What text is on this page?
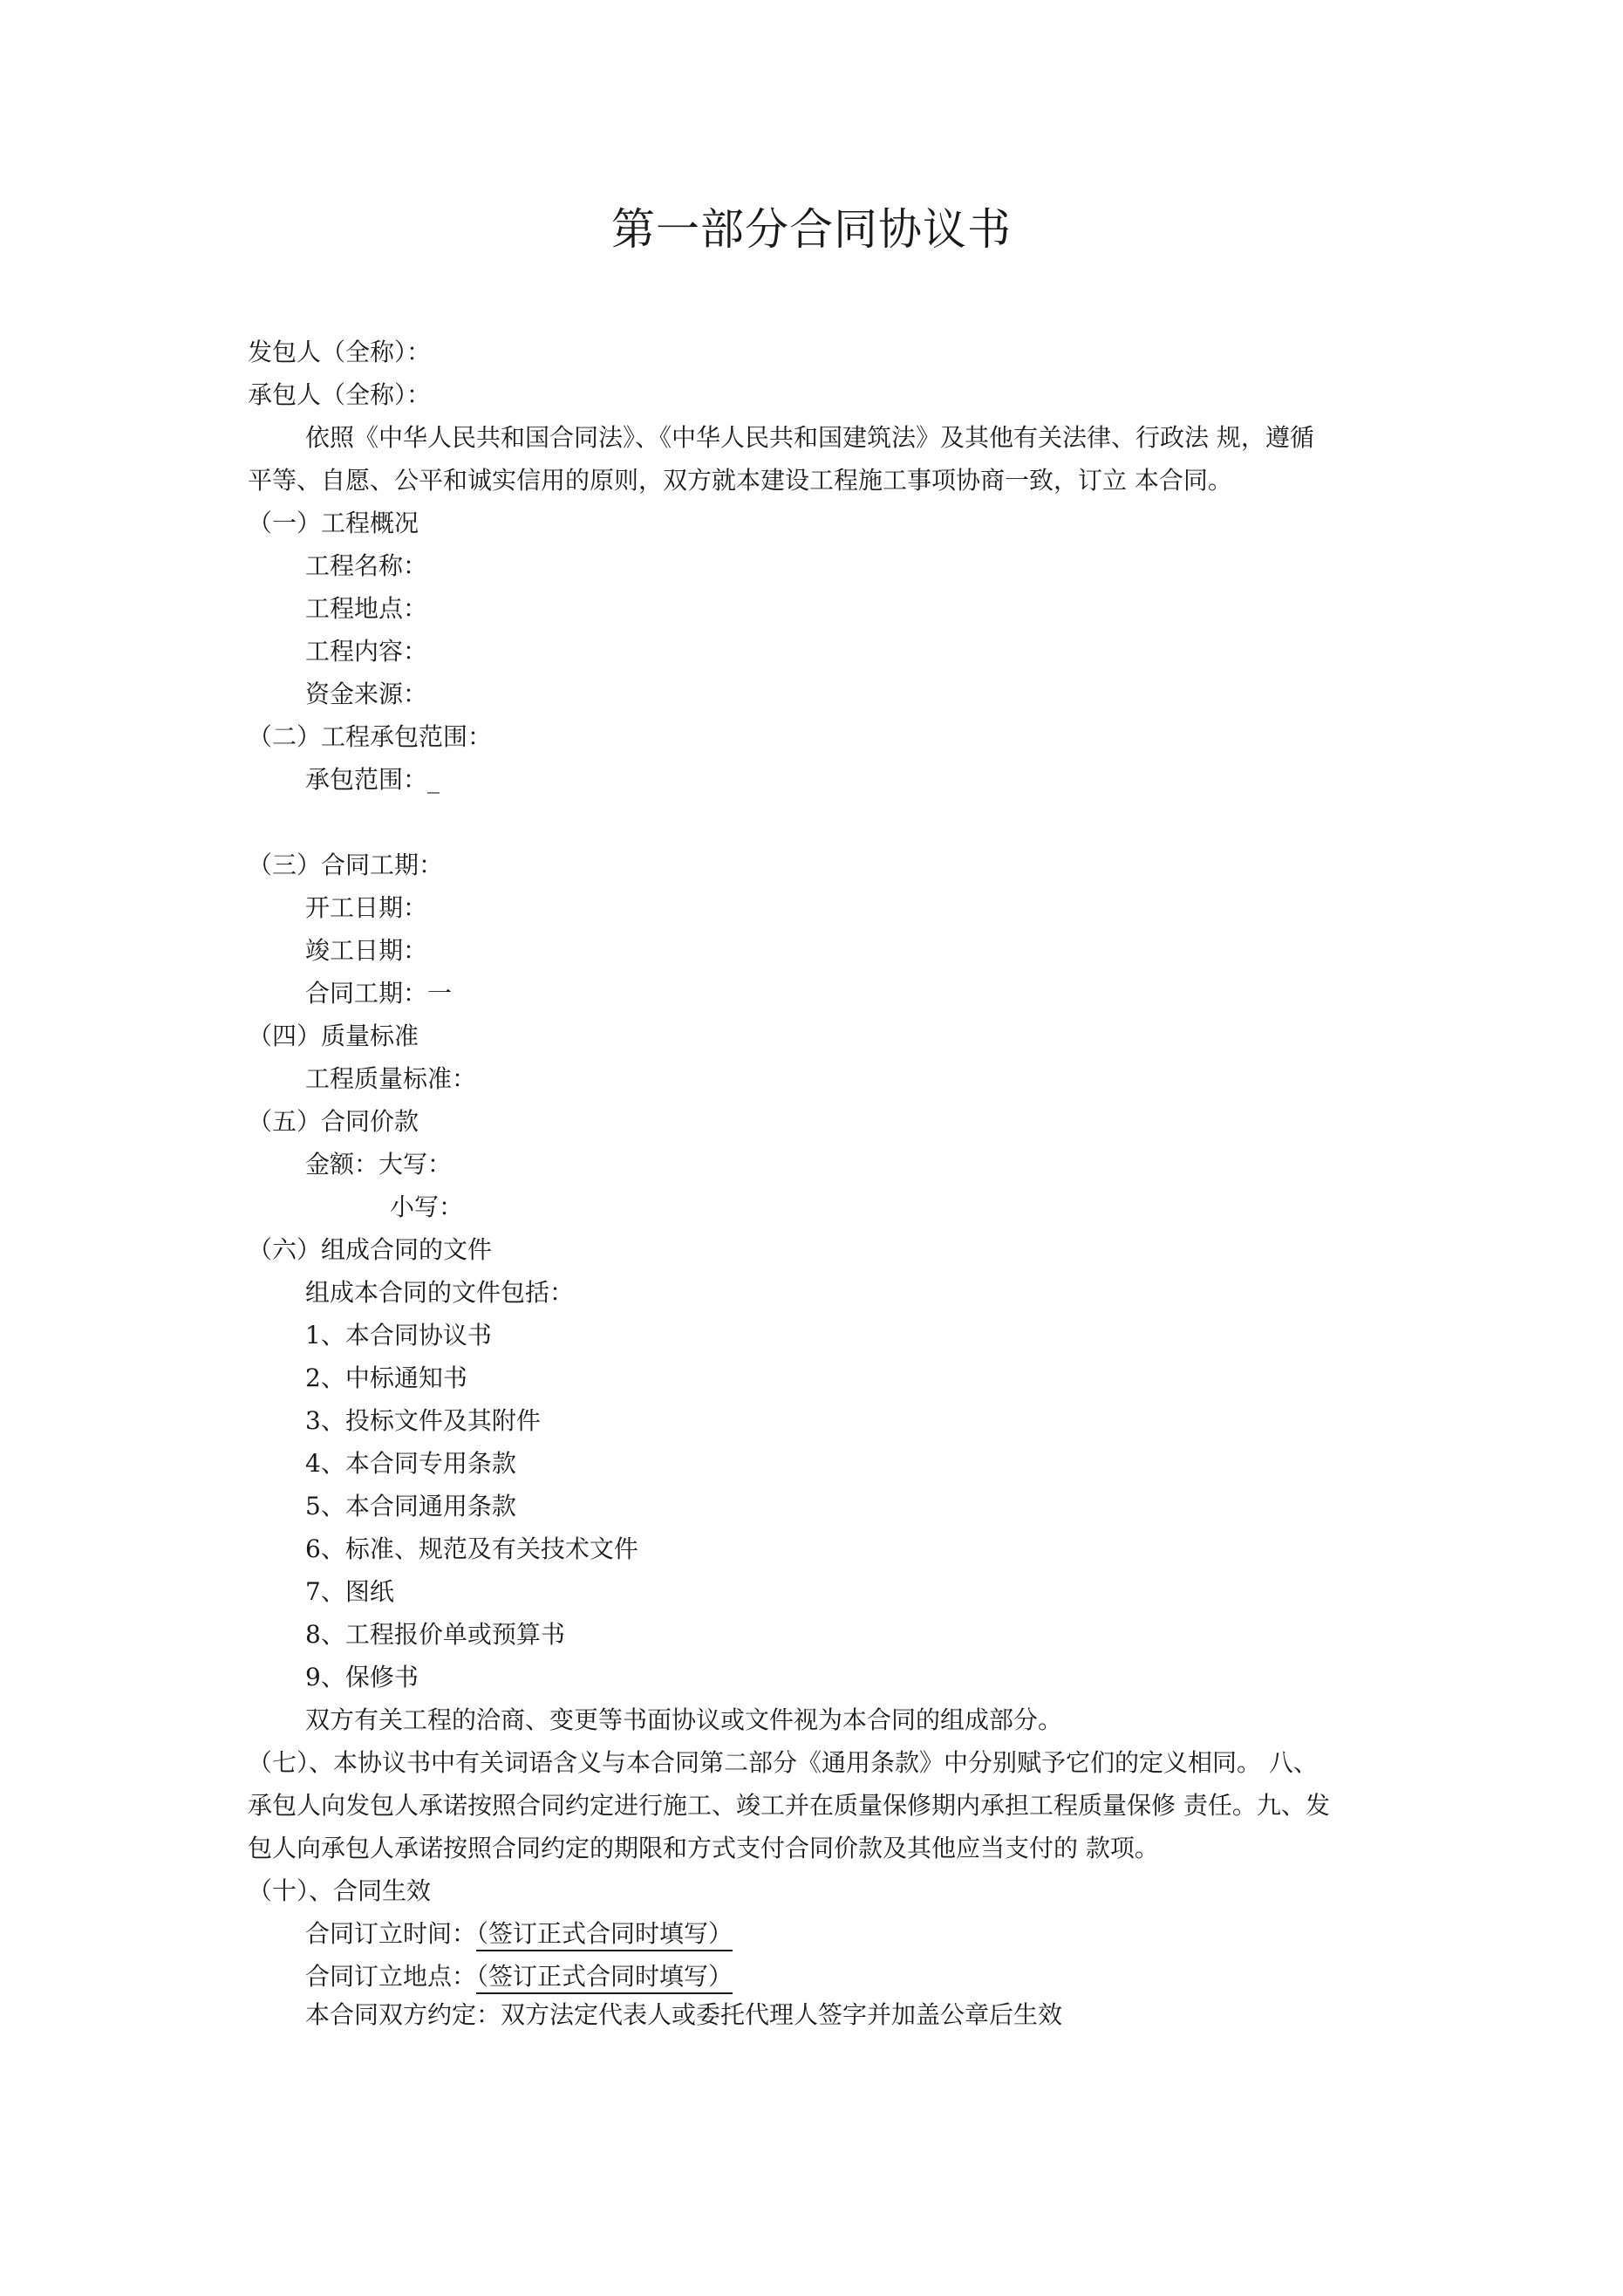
第一部分合同协议书
发包人（全称）：
承包人（全称）：
依照《中华人民共和国合同法》、《中华人民共和国建筑法》及其他有关法律、行政法 规，遵循
平等、自愿、公平和诚实信用的原则，双方就本建设工程施工事项协商一致，订立 本合同。
（一）工程概况
工程名称：
工程地点：
工程内容：
资金来源：
（二）工程承包范围：
承包范围：_
（三）合同工期：
开工日期：
竣工日期：
合同工期：一
（四）质量标准
工程质量标准：
（五）合同价款
金额：大写：
小写：
（六）组成合同的文件
组成本合同的文件包括：
1、本合同协议书
2、中标通知书
3、投标文件及其附件
4、本合同专用条款
5、本合同通用条款
6、标准、规范及有关技术文件
7、图纸
8、工程报价单或预算书
9、保修书
双方有关工程的洽商、变更等书面协议或文件视为本合同的组成部分。
（七）、本协议书中有关词语含义与本合同第二部分《通用条款》中分别赋予它们的定义相同。 八、
承包人向发包人承诺按照合同约定进行施工、竣工并在质量保修期内承担工程质量保修 责任。九、发
包人向承包人承诺按照合同约定的期限和方式支付合同价款及其他应当支付的 款项。
（十）、合同生效
合同订立时间：（签订正式合同时填写）
合同订立地点：（签订正式合同时填写）
本合同双方约定：双方法定代表人或委托代理人签字并加盖公章后生效
